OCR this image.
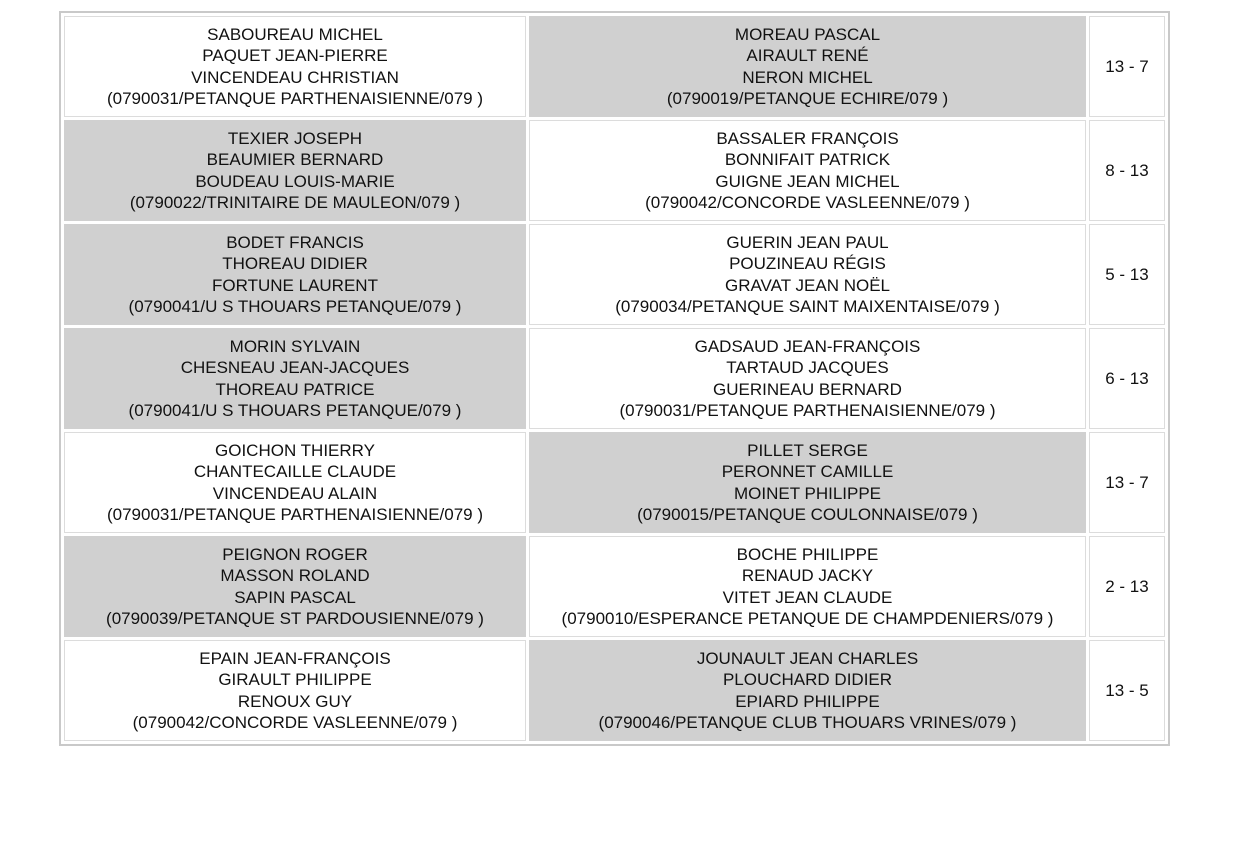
SABOUREAU MICHEL
PAQUET JEAN-PIERRE
VINCENDEAU CHRISTIAN
(0790031/PETANQUE PARTHENAISIENNE/079 )	MOREAU PASCAL
AIRAULT RENÉ
NERON MICHEL
(0790019/PETANQUE ECHIRE/079 )	13 - 7

TEXIER JOSEPH
BEAUMIER BERNARD
BOUDEAU LOUIS-MARIE
(0790022/TRINITAIRE DE MAULEON/079 )	BASSALER FRANÇOIS
BONNIFAIT PATRICK
GUIGNE JEAN MICHEL
(0790042/CONCORDE VASLEENNE/079 )	8 - 13

BODET FRANCIS
THOREAU DIDIER
FORTUNE LAURENT
(0790041/U S THOUARS PETANQUE/079 )	GUERIN JEAN PAUL
POUZINEAU RÉGIS
GRAVAT JEAN NOËL
(0790034/PETANQUE SAINT MAIXENTAISE/079 )	5 - 13

MORIN SYLVAIN
CHESNEAU JEAN-JACQUES
THOREAU PATRICE
(0790041/U S THOUARS PETANQUE/079 )	GADSAUD JEAN-FRANÇOIS
TARTAUD JACQUES
GUERINEAU BERNARD
(0790031/PETANQUE PARTHENAISIENNE/079 )	6 - 13

GOICHON THIERRY
CHANTECAILLE CLAUDE
VINCENDEAU ALAIN
(0790031/PETANQUE PARTHENAISIENNE/079 )	PILLET SERGE
PERONNET CAMILLE
MOINET PHILIPPE
(0790015/PETANQUE COULONNAISE/079 )	13 - 7

PEIGNON ROGER
MASSON ROLAND
SAPIN PASCAL
(0790039/PETANQUE ST PARDOUSIENNE/079 )	BOCHE PHILIPPE
RENAUD JACKY
VITET JEAN CLAUDE
(0790010/ESPERANCE PETANQUE DE CHAMPDENIERS/079 )	2 - 13

EPAIN JEAN-FRANÇOIS
GIRAULT PHILIPPE
RENOUX GUY
(0790042/CONCORDE VASLEENNE/079 )	JOUNAULT JEAN CHARLES
PLOUCHARD DIDIER
EPIARD PHILIPPE
(0790046/PETANQUE CLUB THOUARS VRINES/079 )	13 - 5
